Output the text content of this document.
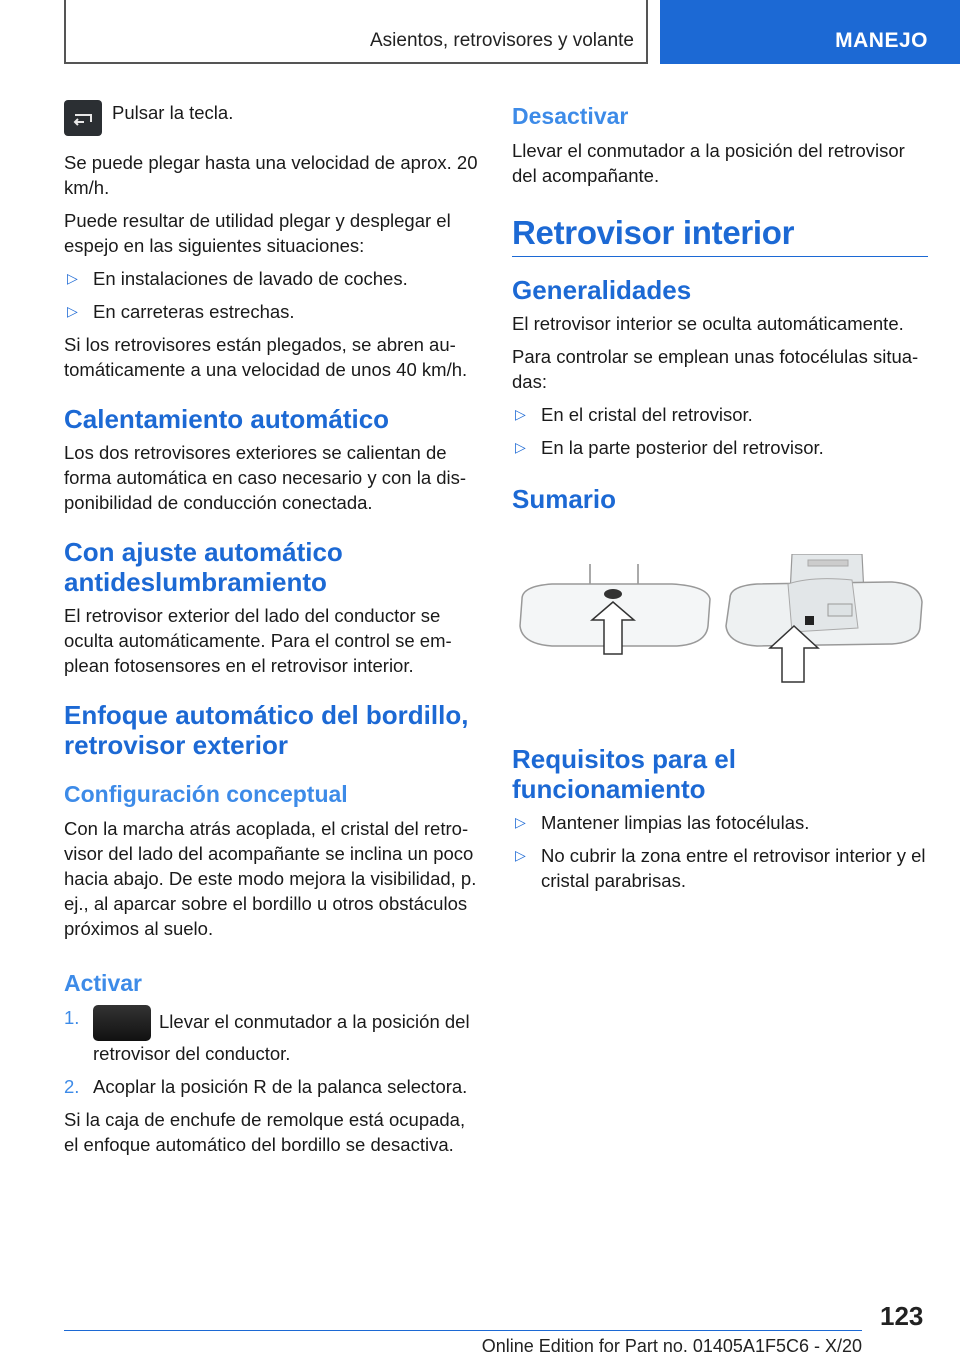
Asientos, retrovisores y volante	MANEJO

Pulsar la tecla.

Se puede plegar hasta una velocidad de aprox. 20 km/h.

Puede resultar de utilidad plegar y desplegar el espejo en las siguientes situaciones:

▷ En instalaciones de lavado de coches.
▷ En carreteras estrechas.

Si los retrovisores están plegados, se abren automáticamente a una velocidad de unos 40 km/h.

Calentamiento automático

Los dos retrovisores exteriores se calientan de forma automática en caso necesario y con la disponibilidad de conducción conectada.

Con ajuste automático antideslumbramiento

El retrovisor exterior del lado del conductor se oculta automáticamente. Para el control se emplean fotosensores en el retrovisor interior.

Enfoque automático del bordillo, retrovisor exterior
Configuración conceptual

Con la marcha atrás acoplada, el cristal del retrovisor del lado del acompañante se inclina un poco hacia abajo. De este modo mejora la visibilidad, p. ej., al aparcar sobre el bordillo u otros obstáculos próximos al suelo.

Activar
1.	Llevar el conmutador a la posición del retrovisor del conductor.
2. Acoplar la posición R de la palanca selectora.

Si la caja de enchufe de remolque está ocupada, el enfoque automático del bordillo se desactiva.

Desactivar

Llevar el conmutador a la posición del retrovisor del acompañante.

Retrovisor interior
Generalidades

El retrovisor interior se oculta automáticamente.

Para controlar se emplean unas fotocélulas situadas:

▷ En el cristal del retrovisor.
▷ En la parte posterior del retrovisor.
Sumario
Requisitos para el funcionamiento
▷ Mantener limpias las fotocélulas.
▷ No cubrir la zona entre el retrovisor interior y el cristal parabrisas.
123
Online Edition for Part no. 01405A1F5C6 - X/20
